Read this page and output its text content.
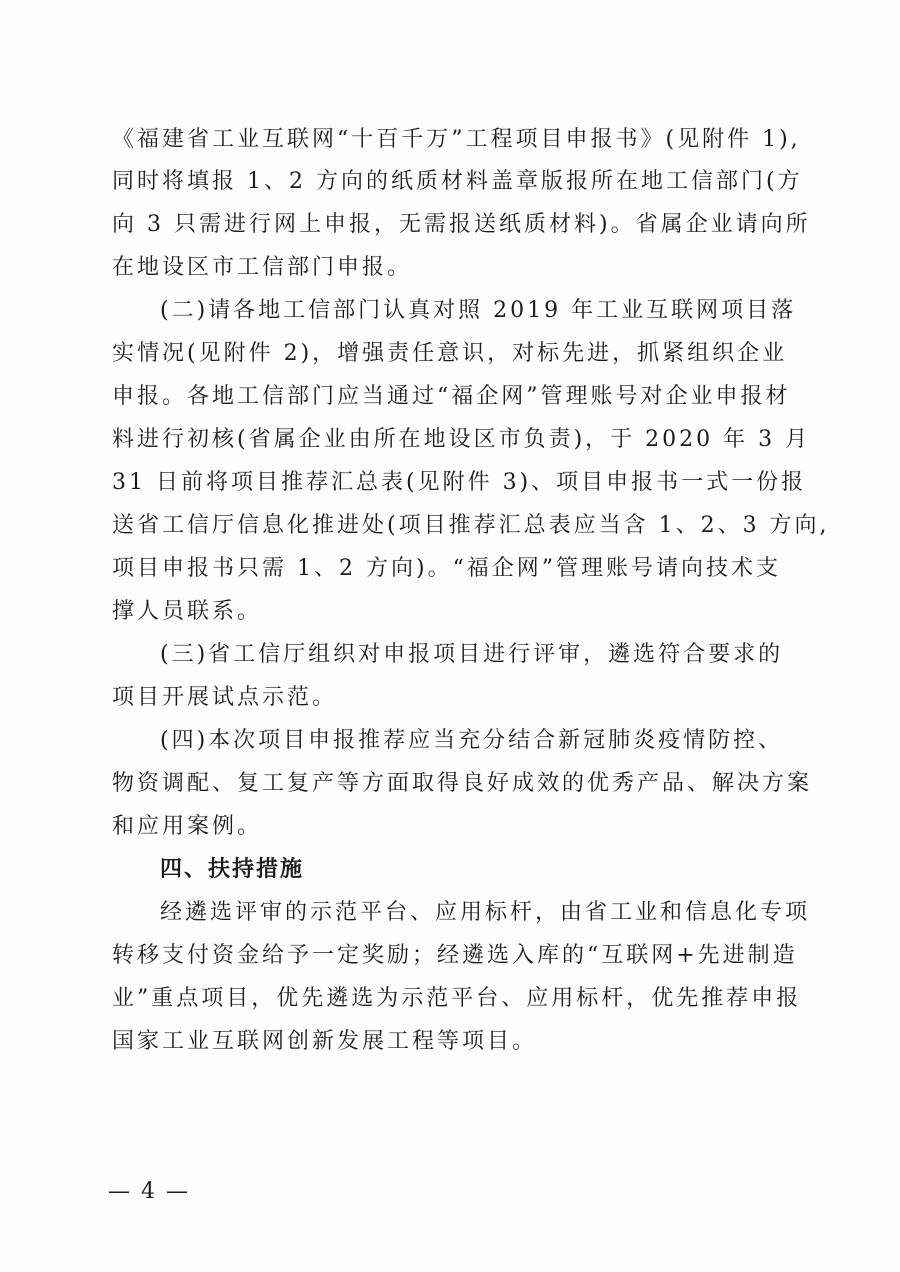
《福建省工业互联网“十百千万”工程项目申报书》(见附件 1),
同时将填报 1、2 方向的纸质材料盖章版报所在地工信部门(方
向 3 只需进行网上申报，无需报送纸质材料)。省属企业请向所
在地设区市工信部门申报。
(二)请各地工信部门认真对照 2019 年工业互联网项目落
实情况(见附件 2)，增强责任意识，对标先进，抓紧组织企业
申报。各地工信部门应当通过“福企网”管理账号对企业申报材
料进行初核(省属企业由所在地设区市负责)，于 2020 年 3 月
31 日前将项目推荐汇总表(见附件 3)、项目申报书一式一份报
送省工信厅信息化推进处(项目推荐汇总表应当含 1、2、3 方向,
项目申报书只需 1、2 方向)。“福企网”管理账号请向技术支
撑人员联系。
(三)省工信厅组织对申报项目进行评审，遴选符合要求的
项目开展试点示范。
(四)本次项目申报推荐应当充分结合新冠肺炎疫情防控、
物资调配、复工复产等方面取得良好成效的优秀产品、解决方案
和应用案例。
四、扶持措施
经遴选评审的示范平台、应用标杆，由省工业和信息化专项
转移支付资金给予一定奖励；经遴选入库的“互联网+先进制造
业”重点项目，优先遴选为示范平台、应用标杆，优先推荐申报
国家工业互联网创新发展工程等项目。
— 4 —
